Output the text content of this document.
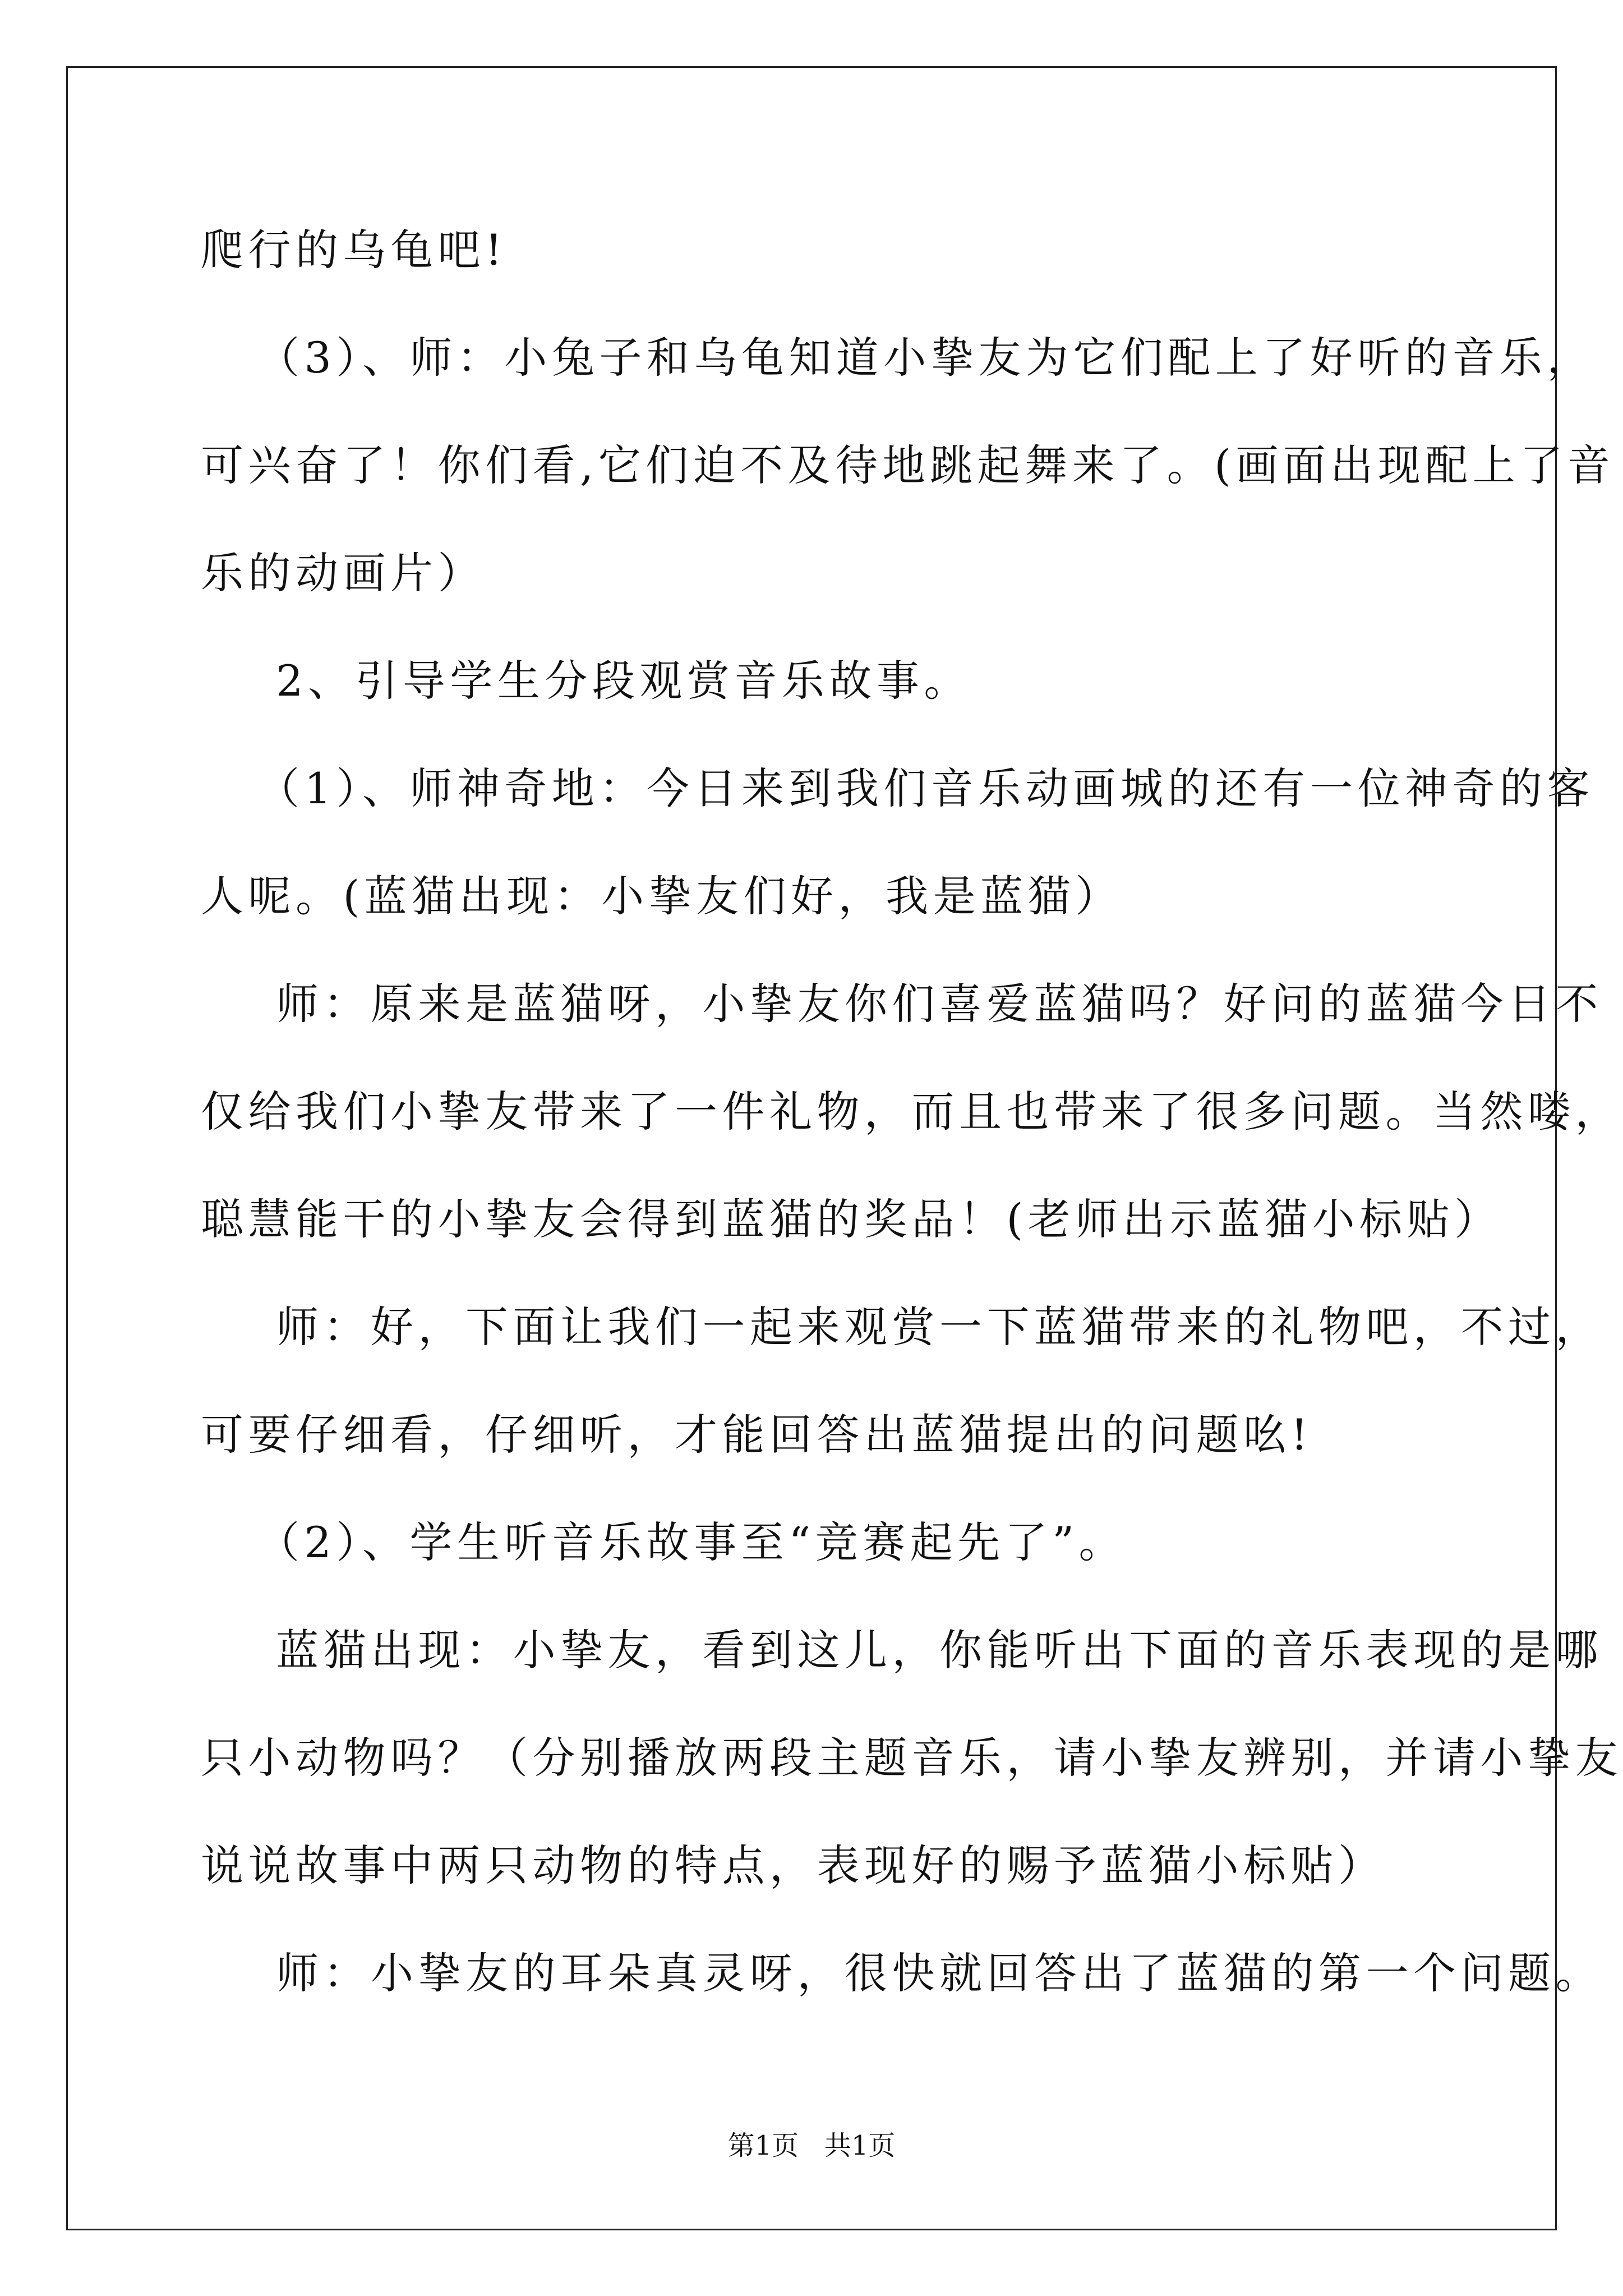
爬行的乌龟吧!
（3）、师：小兔子和乌龟知道小挚友为它们配上了好听的音乐，
可兴奋了！你们看,它们迫不及待地跳起舞来了。(画面出现配上了音
乐的动画片）
2、引导学生分段观赏音乐故事。
（1）、师神奇地：今日来到我们音乐动画城的还有一位神奇的客
人呢。(蓝猫出现：小挚友们好，我是蓝猫）
师：原来是蓝猫呀，小挚友你们喜爱蓝猫吗？好问的蓝猫今日不
仅给我们小挚友带来了一件礼物，而且也带来了很多问题。当然喽，
聪慧能干的小挚友会得到蓝猫的奖品！(老师出示蓝猫小标贴）
师：好，下面让我们一起来观赏一下蓝猫带来的礼物吧，不过，
可要仔细看，仔细听，才能回答出蓝猫提出的问题吆!
（2）、学生听音乐故事至“竞赛起先了”。
蓝猫出现：小挚友，看到这儿，你能听出下面的音乐表现的是哪
只小动物吗？（分别播放两段主题音乐，请小挚友辨别，并请小挚友
说说故事中两只动物的特点，表现好的赐予蓝猫小标贴）
师：小挚友的耳朵真灵呀，很快就回答出了蓝猫的第一个问题。
第1页   共1页
